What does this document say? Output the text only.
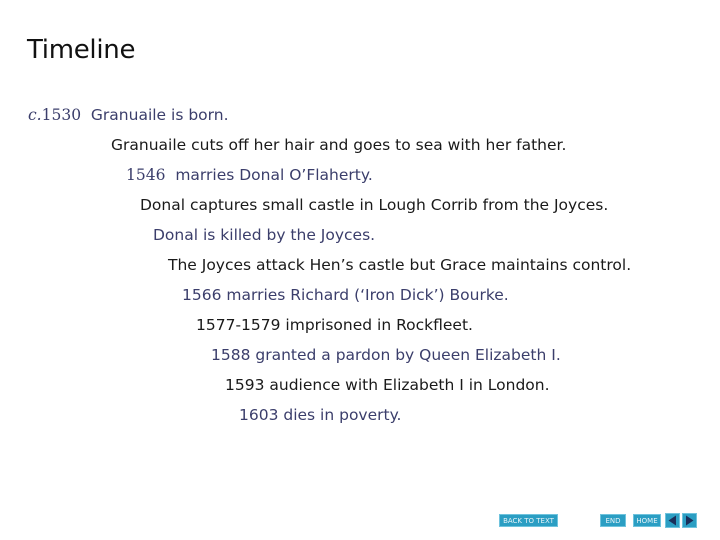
Timeline
c.1530 Granuaile is born.
Granuaile cuts off her hair and goes to sea with her father.
1546 marries Donal O’Flaherty.
Donal captures small castle in Lough Corrib from the Joyces.
Donal is killed by the Joyces.
The Joyces attack Hen’s castle but Grace maintains control.
1566 marries Richard (‘Iron Dick’) Bourke.
1577-1579 imprisoned in Rockfleet.
1588 granted a pardon by Queen Elizabeth I.
1593 audience with Elizabeth I in London.
1603 dies in poverty.
BACK TO TEXT	END	HOME
